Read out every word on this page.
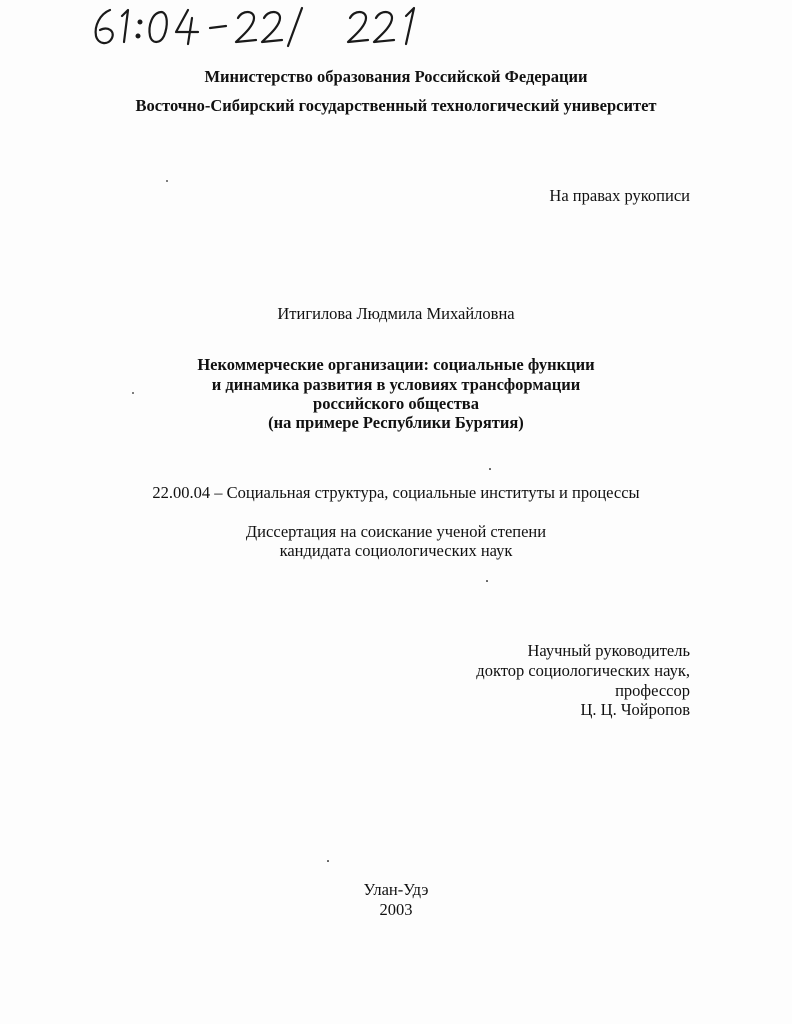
Министерство образования Российской Федерации
Восточно-Сибирский государственный технологический университет
На правах рукописи
Итигилова Людмила Михайловна
Некоммерческие организации: социальные функции
и динамика развития в условиях трансформации
российского общества
(на примере Республики Бурятия)
22.00.04 – Социальная структура, социальные институты и процессы
Диссертация на соискание ученой степени
кандидата социологических наук
Научный руководитель
доктор социологических наук,
профессор
Ц. Ц. Чойропов
Улан-Удэ
2003
